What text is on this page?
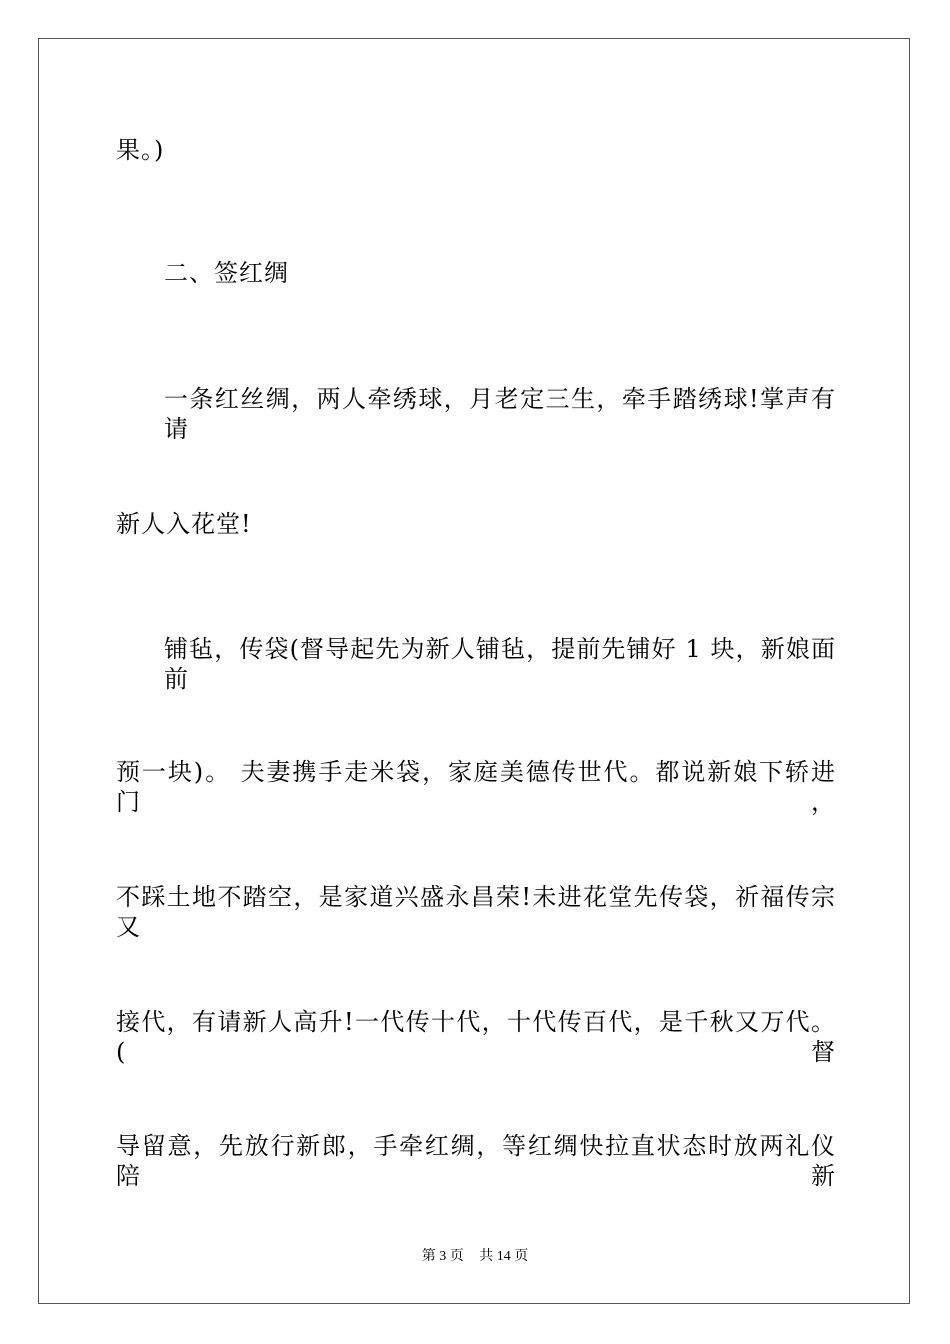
果。)
二、签红绸
一条红丝绸，两人牵绣球，月老定三生，牵手踏绣球!掌声有请
新人入花堂!
铺毡，传袋(督导起先为新人铺毡，提前先铺好 1 块，新娘面前
预一块)。 夫妻携手走米袋，家庭美德传世代。都说新娘下轿进门，
不踩土地不踏空，是家道兴盛永昌荣!未进花堂先传袋，祈福传宗又
接代，有请新人高升!一代传十代，十代传百代，是千秋又万代。(督
导留意，先放行新郎，手牵红绸，等红绸快拉直状态时放两礼仪陪新
第 3 页 共 14 页
